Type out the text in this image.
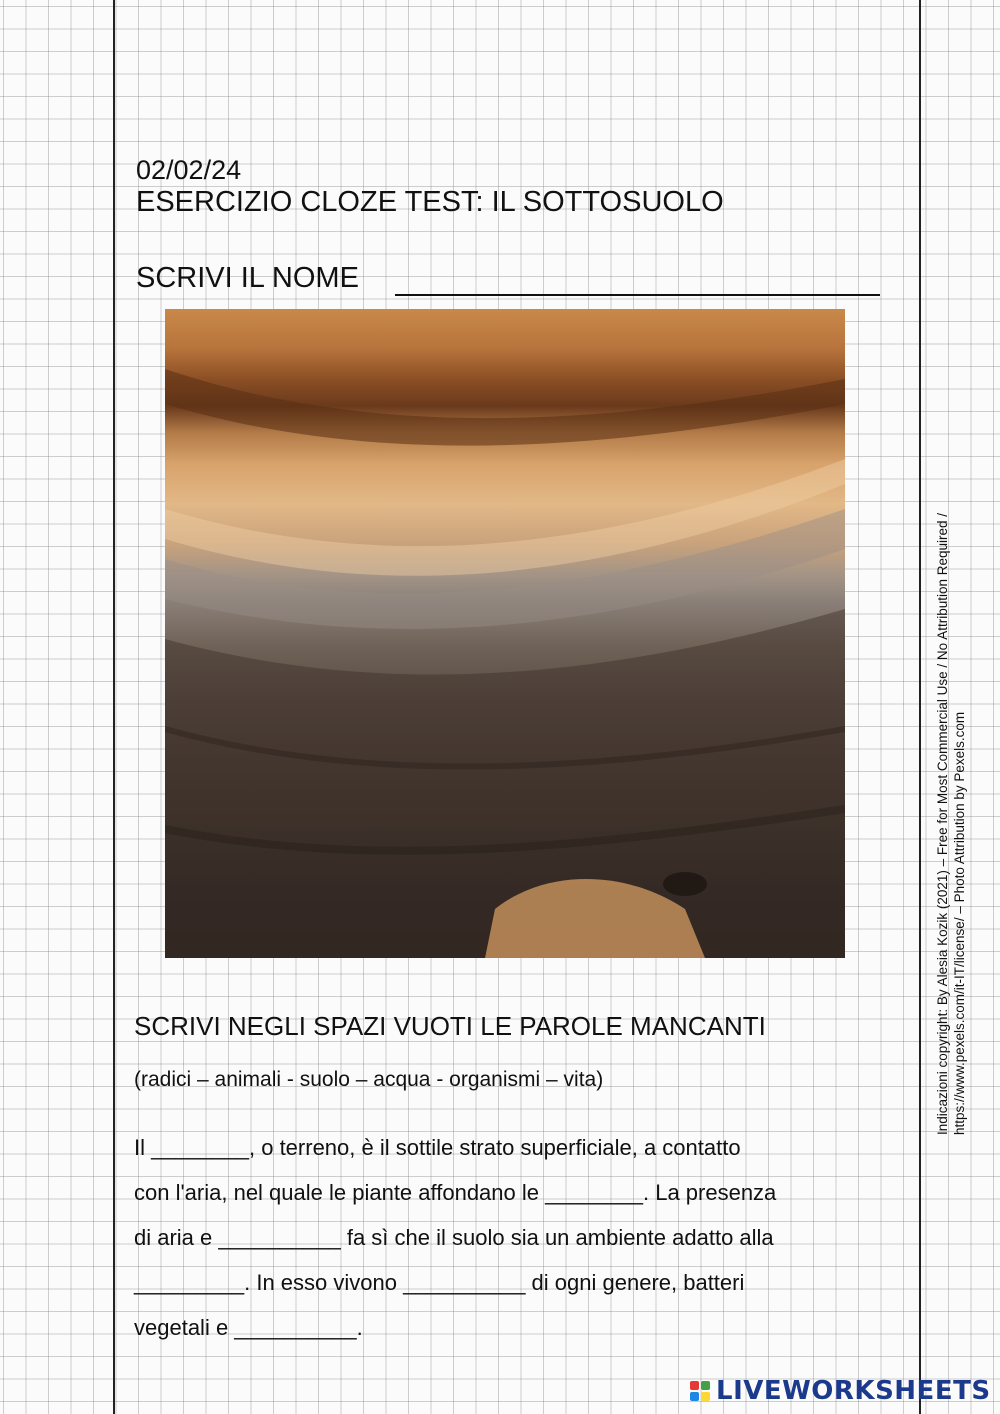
02/02/24
ESERCIZIO CLOZE TEST: IL SOTTOSUOLO
SCRIVI IL NOME
SCRIVI NEGLI SPAZI VUOTI LE PAROLE MANCANTI
(radici – animali - suolo – acqua - organismi – vita)
Il ________, o terreno, è il sottile strato superficiale, a contatto
con l'aria, nel quale le piante affondano le ________. La presenza
di aria e __________ fa sì che il suolo sia un ambiente adatto alla
_________. In esso vivono __________ di ogni genere, batteri
vegetali e __________.
Indicazioni copyright: By Alesia Kozik (2021) – Free for Most Commercial Use / No Attribution Required / https://www.pexels.com/it-IT/license/ – Photo Attribution by Pexels.com
LIVEWORKSHEETS
